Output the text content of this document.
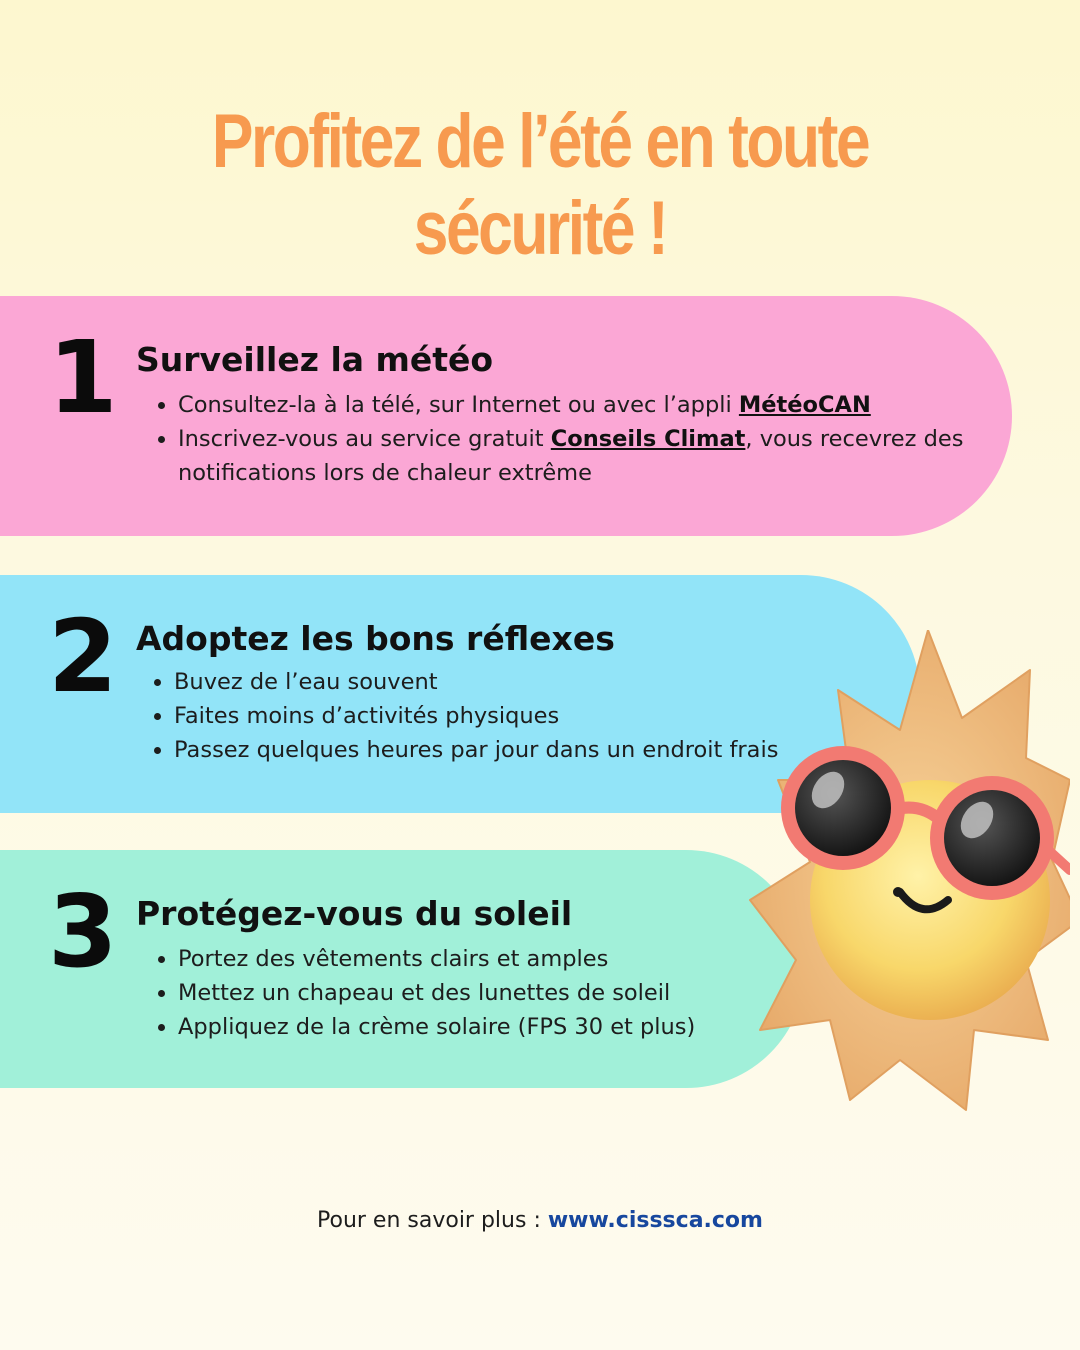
Profitez de l’été en toute sécurité !
1 Surveillez la météo
• Consultez-la à la télé, sur Internet ou avec l’appli MétéoCAN
• Inscrivez-vous au service gratuit Conseils Climat, vous recevrez des notifications lors de chaleur extrême
2 Adoptez les bons réflexes
• Buvez de l’eau souvent
• Faites moins d’activités physiques
• Passez quelques heures par jour dans un endroit frais
3 Protégez-vous du soleil
• Portez des vêtements clairs et amples
• Mettez un chapeau et des lunettes de soleil
• Appliquez de la crème solaire (FPS 30 et plus)
Pour en savoir plus : www.cisssca.com
